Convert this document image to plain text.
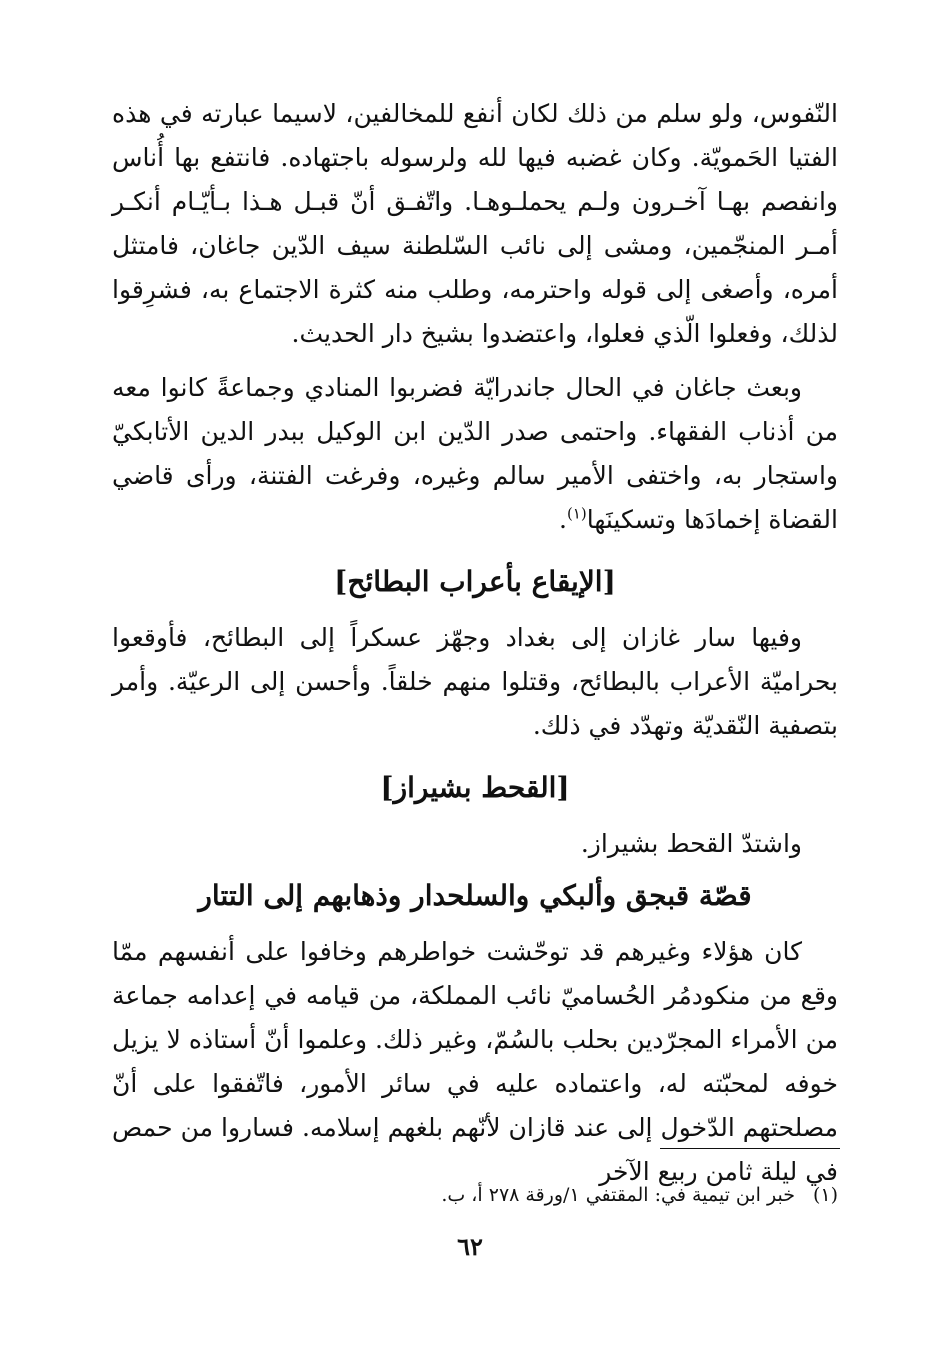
النّفوس، ولو سلم من ذلك لكان أنفع للمخالفين، لاسيما عبارته في هذه الفتيا الحَمويّة. وكان غضبه فيها لله ولرسوله باجتهاده. فانتفع بها أُناس وانفصم بهـا آخـرون ولـم يحملـوهـا. واتّفـق أنّ قبـل هـذا بـأيّـام أنكـر أمـر المنجّمين، ومشى إلى نائب السّلطنة سيف الدّين جاغان، فامتثل أمره، وأصغى إلى قوله واحترمه، وطلب منه كثرة الاجتماع به، فشرِقوا لذلك، وفعلوا الّذي فعلوا، واعتضدوا بشيخ دار الحديث.

وبعث جاغان في الحال جاندرايّة فضربوا المنادي وجماعةً كانوا معه من أذناب الفقهاء. واحتمى صدر الدّين ابن الوكيل ببدر الدين الأتابكيّ واستجار به، واختفى الأمير سالم وغيره، وفرغت الفتنة، ورأى قاضي القضاة إخمادَها وتسكينَها$^{(١)}$.

[الإيقاع بأعراب البطائح]

وفيها سار غازان إلى بغداد وجهّز عسكراً إلى البطائح، فأوقعوا بحراميّة الأعراب بالبطائح، وقتلوا منهم خلقاً. وأحسن إلى الرعيّة. وأمر بتصفية النّقديّة وتهدّد في ذلك.

[القحط بشيراز]

واشتدّ القحط بشيراز.

قصّة قبجق وألبكي والسلحدار وذهابهم إلى التتار

كان هؤلاء وغيرهم قد توحّشت خواطرهم وخافوا على أنفسهم ممّا وقع من منكودمُر الحُساميّ نائب المملكة، من قيامه في إعدامه جماعة من الأمراء المجرّدين بحلب بالسُمّ، وغير ذلك. وعلموا أنّ أستاذه لا يزيل خوفه لمحبّته له، واعتماده عليه في سائر الأمور، فاتّفقوا على أنّ مصلحتهم الدّخول إلى عند قازان لأنّهم بلغهم إسلامه. فساروا من حمص في ليلة ثامن ربيع الآخر

(١)خبر ابن تيمية في: المقتفي ١/ورقة ٢٧٨ أ، ب.
٦٢
